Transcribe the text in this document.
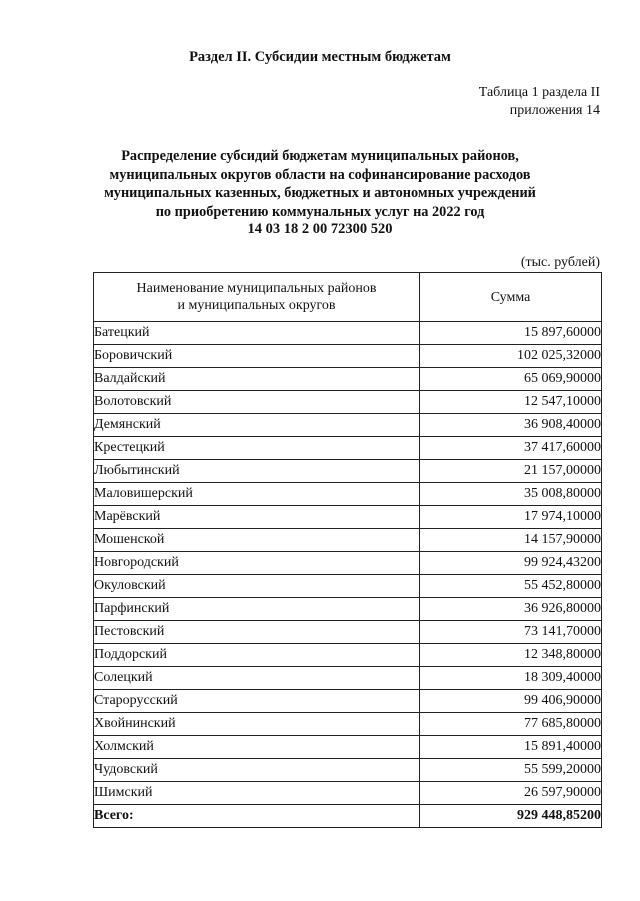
Раздел II. Субсидии местным бюджетам
Таблица 1 раздела II
приложения 14
Распределение субсидий бюджетам муниципальных районов,
муниципальных округов области на софинансирование расходов
муниципальных казенных, бюджетных и автономных учреждений
по приобретению коммунальных услуг на 2022 год
14 03 18 2 00 72300 520
(тыс. рублей)
Наименование муниципальных районов
и муниципальных округов	Сумма
Батецкий	15 897,60000
Боровичский	102 025,32000
Валдайский	65 069,90000
Волотовский	12 547,10000
Демянский	36 908,40000
Крестецкий	37 417,60000
Любытинский	21 157,00000
Маловишерский	35 008,80000
Марёвский	17 974,10000
Мошенской	14 157,90000
Новгородский	99 924,43200
Окуловский	55 452,80000
Парфинский	36 926,80000
Пестовский	73 141,70000
Поддорский	12 348,80000
Солецкий	18 309,40000
Старорусский	99 406,90000
Хвойнинский	77 685,80000
Холмский	15 891,40000
Чудовский	55 599,20000
Шимский	26 597,90000
Всего:	929 448,85200
